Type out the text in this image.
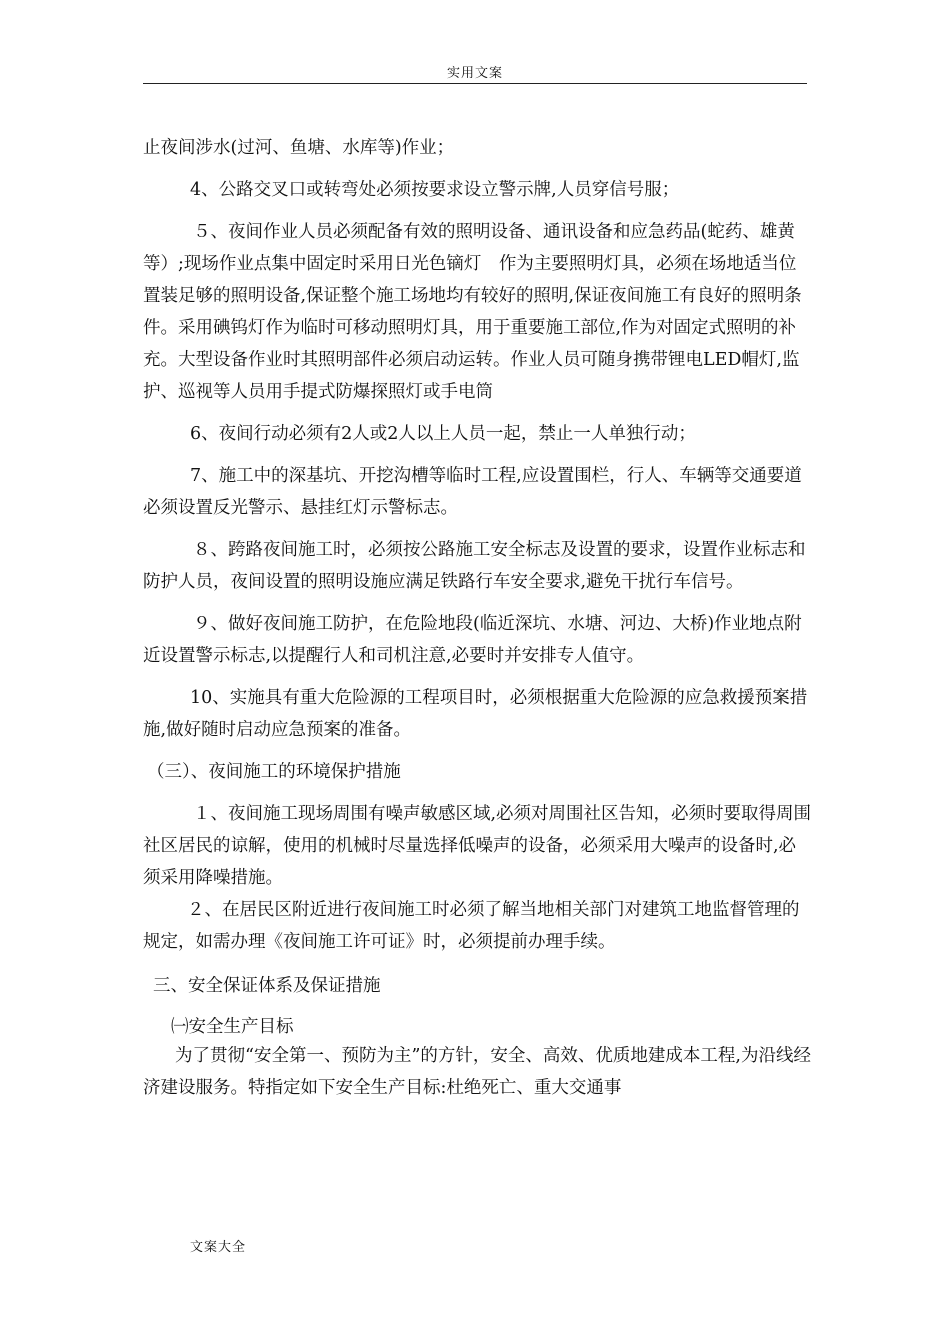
实用文案

止夜间涉水(过河、鱼塘、水库等)作业；

4、公路交叉口或转弯处必须按要求设立警示牌,人员穿信号服；

５、夜间作业人员必须配备有效的照明设备、通讯设备和应急药品(蛇药、雄黄等）;现场作业点集中固定时采用日光色镝灯　作为主要照明灯具，必须在场地适当位置装足够的照明设备,保证整个施工场地均有较好的照明,保证夜间施工有良好的照明条件。采用碘钨灯作为临时可移动照明灯具，用于重要施工部位,作为对固定式照明的补充。大型设备作业时其照明部件必须启动运转。作业人员可随身携带锂电LED帽灯,监护、巡视等人员用手提式防爆探照灯或手电筒

6、夜间行动必须有2人或2人以上人员一起，禁止一人单独行动；

7、施工中的深基坑、开挖沟槽等临时工程,应设置围栏，行人、车辆等交通要道必须设置反光警示、悬挂红灯示警标志。

８、跨路夜间施工时，必须按公路施工安全标志及设置的要求，设置作业标志和防护人员，夜间设置的照明设施应满足铁路行车安全要求,避免干扰行车信号。

９、做好夜间施工防护，在危险地段(临近深坑、水塘、河边、大桥)作业地点附近设置警示标志,以提醒行人和司机注意,必要时并安排专人值守。

10、实施具有重大危险源的工程项目时，必须根据重大危险源的应急救援预案措施,做好随时启动应急预案的准备。

（三）、夜间施工的环境保护措施

１、夜间施工现场周围有噪声敏感区域,必须对周围社区告知，必须时要取得周围社区居民的谅解，使用的机械时尽量选择低噪声的设备，必须采用大噪声的设备时,必须采用降噪措施。

２、在居民区附近进行夜间施工时必须了解当地相关部门对建筑工地监督管理的规定，如需办理《夜间施工许可证》时，必须提前办理手续。

三、安全保证体系及保证措施

㈠安全生产目标

为了贯彻“安全第一、预防为主”的方针，安全、高效、优质地建成本工程,为沿线经济建设服务。特指定如下安全生产目标:杜绝死亡、重大交通事

文案大全
